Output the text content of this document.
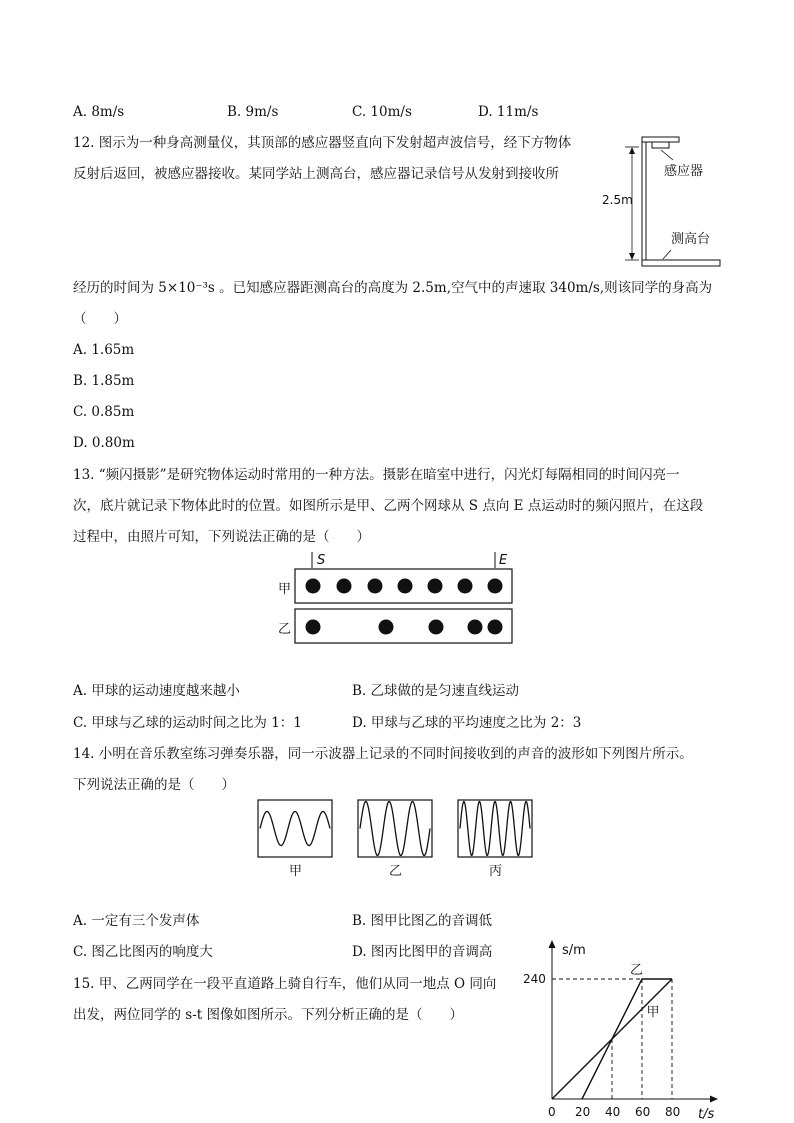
A. 8m/s	B. 9m/s	C. 10m/s	D. 11m/s
12. 图示为一种身高测量仪，其顶部的感应器竖直向下发射超声波信号，经下方物体
反射后返回，被感应器接收。某同学站上测高台，感应器记录信号从发射到接收所
经历的时间为 5×10⁻³s 。已知感应器距测高台的高度为 2.5m,空气中的声速取 340m/s,则该同学的身高为
（　　）
A. 1.65m
B. 1.85m
C. 0.85m
D. 0.80m
2.5m
感应器
测高台
13. “频闪摄影”是研究物体运动时常用的一种方法。摄影在暗室中进行，闪光灯每隔相同的时间闪亮一
次，底片就记录下物体此时的位置。如图所示是甲、乙两个网球从 S 点向 E 点运动时的频闪照片，在这段
过程中，由照片可知，下列说法正确的是（　　）
S	E
甲
乙
A. 甲球的运动速度越来越小	B. 乙球做的是匀速直线运动
C. 甲球与乙球的运动时间之比为 1：1	D. 甲球与乙球的平均速度之比为 2：3
14. 小明在音乐教室练习弹奏乐器，同一示波器上记录的不同时间接收到的声音的波形如下列图片所示。
下列说法正确的是（　　）
甲	乙	丙
A. 一定有三个发声体	B. 图甲比图乙的音调低
C. 图乙比图丙的响度大	D. 图丙比图甲的音调高
15. 甲、乙两同学在一段平直道路上骑自行车，他们从同一地点 O 同向
出发，两位同学的 s-t 图像如图所示。下列分析正确的是（　　）
s/m
t/s
0 20 40 60 80
240
乙
甲
